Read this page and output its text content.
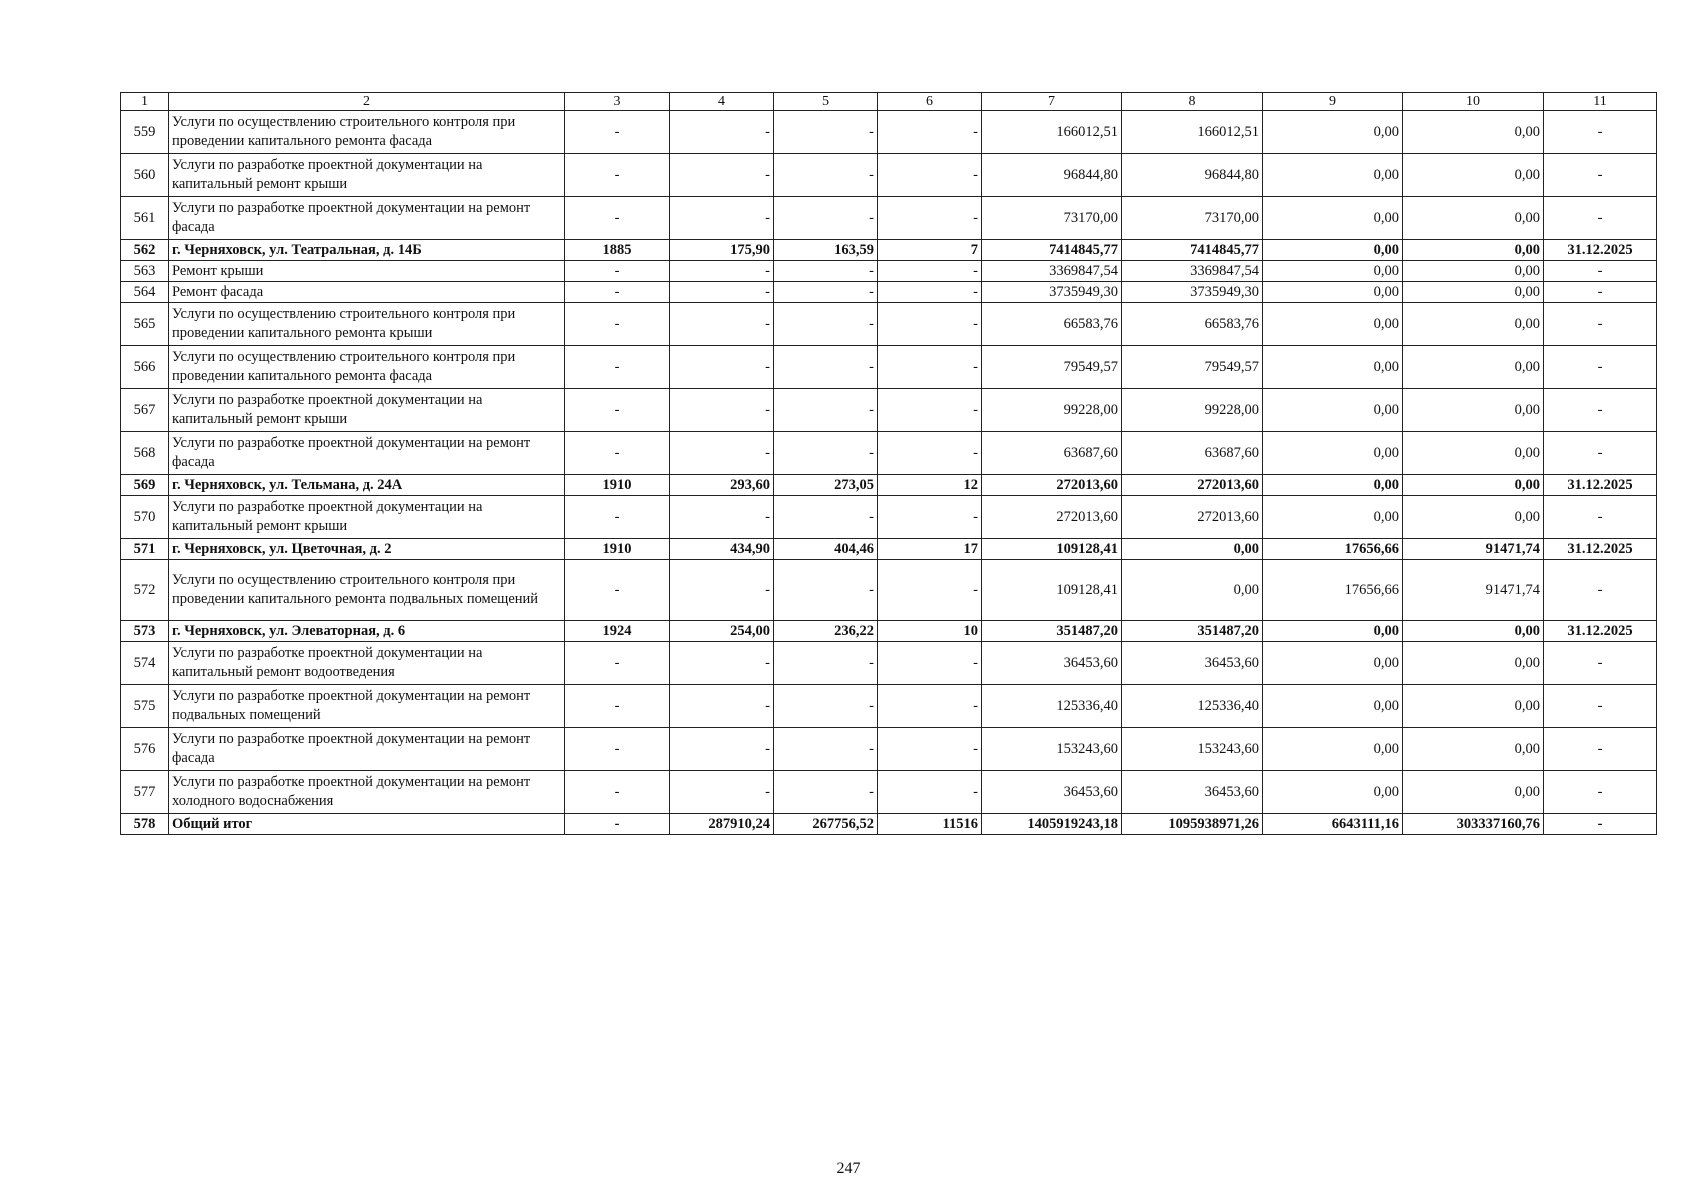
1	2	3	4	5	6	7	8	9	10	11
559	Услуги по осуществлению строительного контроля при проведении капитального ремонта фасада	-	-	-	-	166012,51	166012,51	0,00	0,00	-
560	Услуги по разработке проектной документации на капитальный ремонт крыши	-	-	-	-	96844,80	96844,80	0,00	0,00	-
561	Услуги по разработке проектной документации на ремонт фасада	-	-	-	-	73170,00	73170,00	0,00	0,00	-
562	г. Черняховск, ул. Театральная, д. 14Б	1885	175,90	163,59	7	7414845,77	7414845,77	0,00	0,00	31.12.2025
563	Ремонт крыши	-	-	-	-	3369847,54	3369847,54	0,00	0,00	-
564	Ремонт фасада	-	-	-	-	3735949,30	3735949,30	0,00	0,00	-
565	Услуги по осуществлению строительного контроля при проведении капитального ремонта крыши	-	-	-	-	66583,76	66583,76	0,00	0,00	-
566	Услуги по осуществлению строительного контроля при проведении капитального ремонта фасада	-	-	-	-	79549,57	79549,57	0,00	0,00	-
567	Услуги по разработке проектной документации на капитальный ремонт крыши	-	-	-	-	99228,00	99228,00	0,00	0,00	-
568	Услуги по разработке проектной документации на ремонт фасада	-	-	-	-	63687,60	63687,60	0,00	0,00	-
569	г. Черняховск, ул. Тельмана, д. 24А	1910	293,60	273,05	12	272013,60	272013,60	0,00	0,00	31.12.2025
570	Услуги по разработке проектной документации на капитальный ремонт крыши	-	-	-	-	272013,60	272013,60	0,00	0,00	-
571	г. Черняховск, ул. Цветочная, д. 2	1910	434,90	404,46	17	109128,41	0,00	17656,66	91471,74	31.12.2025
572	Услуги по осуществлению строительного контроля при проведении капитального ремонта подвальных помещений	-	-	-	-	109128,41	0,00	17656,66	91471,74	-
573	г. Черняховск, ул. Элеваторная, д. 6	1924	254,00	236,22	10	351487,20	351487,20	0,00	0,00	31.12.2025
574	Услуги по разработке проектной документации на капитальный ремонт водоотведения	-	-	-	-	36453,60	36453,60	0,00	0,00	-
575	Услуги по разработке проектной документации на ремонт подвальных помещений	-	-	-	-	125336,40	125336,40	0,00	0,00	-
576	Услуги по разработке проектной документации на ремонт фасада	-	-	-	-	153243,60	153243,60	0,00	0,00	-
577	Услуги по разработке проектной документации на ремонт холодного водоснабжения	-	-	-	-	36453,60	36453,60	0,00	0,00	-
578	Общий итог	-	287910,24	267756,52	11516	1405919243,18	1095938971,26	6643111,16	303337160,76	-
247
